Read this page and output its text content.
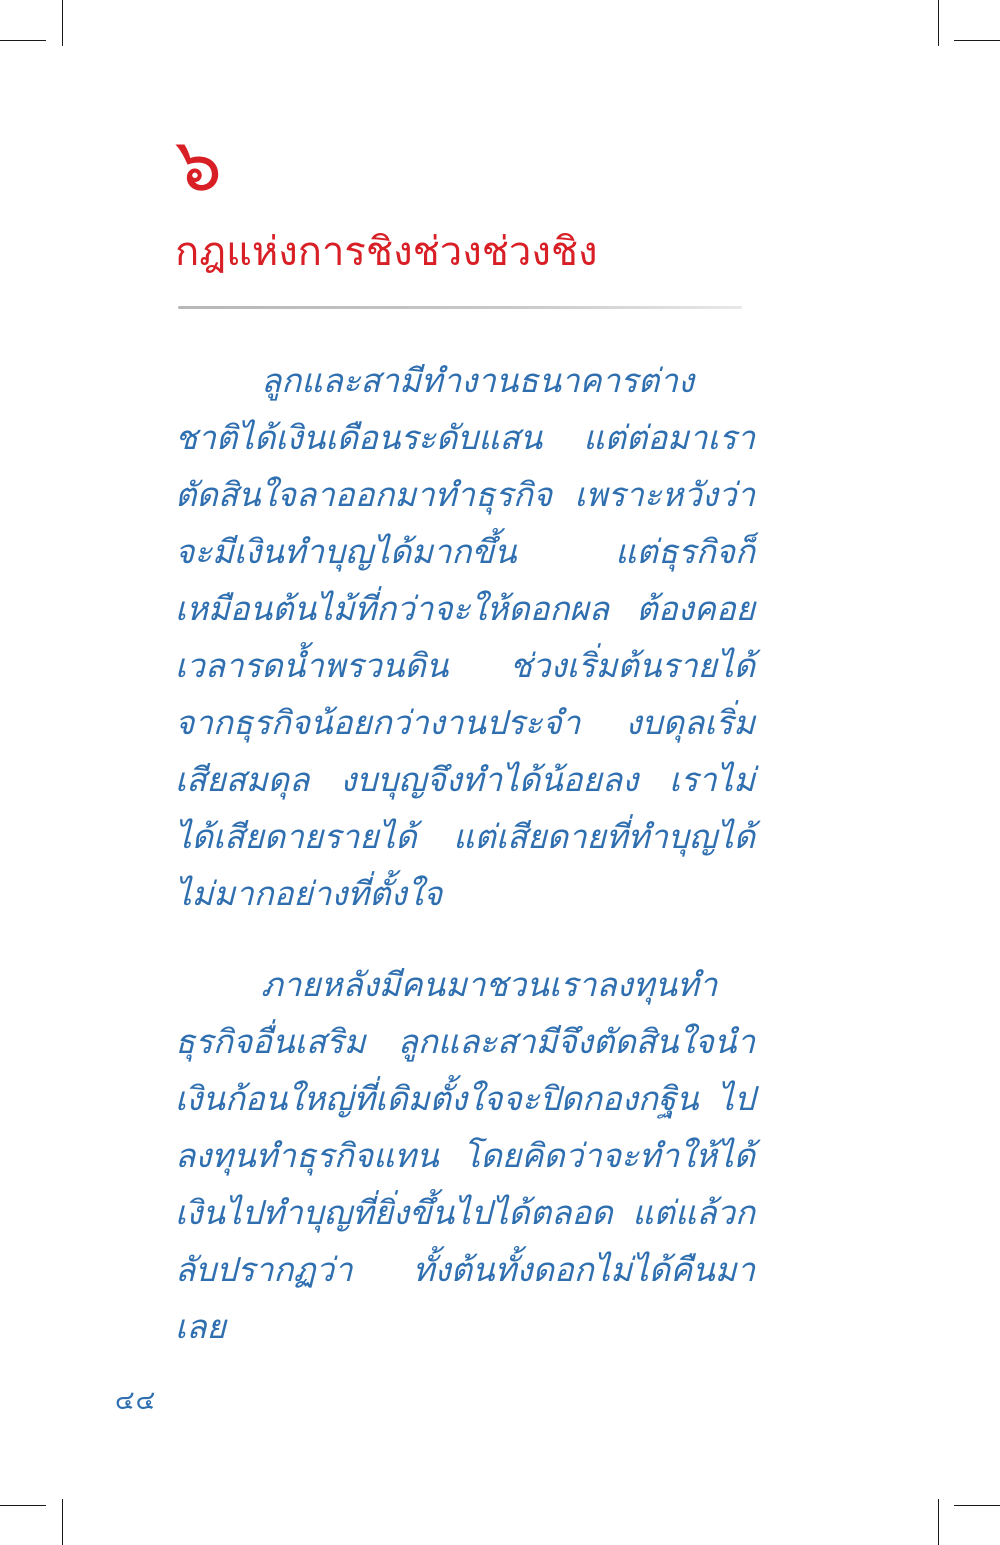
๖
กฎแห่งการชิงช่วงช่วงชิง

ลูกและสามีทำงานธนาคารต่างชาติได้เงินเดือนระดับแสน แต่ต่อมาเราตัดสินใจลาออกมาทำธุรกิจ เพราะหวังว่าจะมีเงินทำบุญได้มากขึ้น แต่ธุรกิจก็เหมือนต้นไม้ที่กว่าจะให้ดอกผล ต้องคอยเวลารดน้ำพรวนดิน ช่วงเริ่มต้นรายได้จากธุรกิจน้อยกว่างานประจำ งบดุลเริ่มเสียสมดุล งบบุญจึงทำได้น้อยลง เราไม่ได้เสียดายรายได้ แต่เสียดายที่ทำบุญได้ไม่มากอย่างที่ตั้งใจ

ภายหลังมีคนมาชวนเราลงทุนทำธุรกิจอื่นเสริม ลูกและสามีจึงตัดสินใจนำเงินก้อนใหญ่ที่เดิมตั้งใจจะปิดกองกฐิน ไปลงทุนทำธุรกิจแทน โดยคิดว่าจะทำให้ได้เงินไปทำบุญที่ยิ่งขึ้นไปได้ตลอด แต่แล้วกลับปรากฏว่า ทั้งต้นทั้งดอกไม่ได้คืนมาเลย

๔๔
